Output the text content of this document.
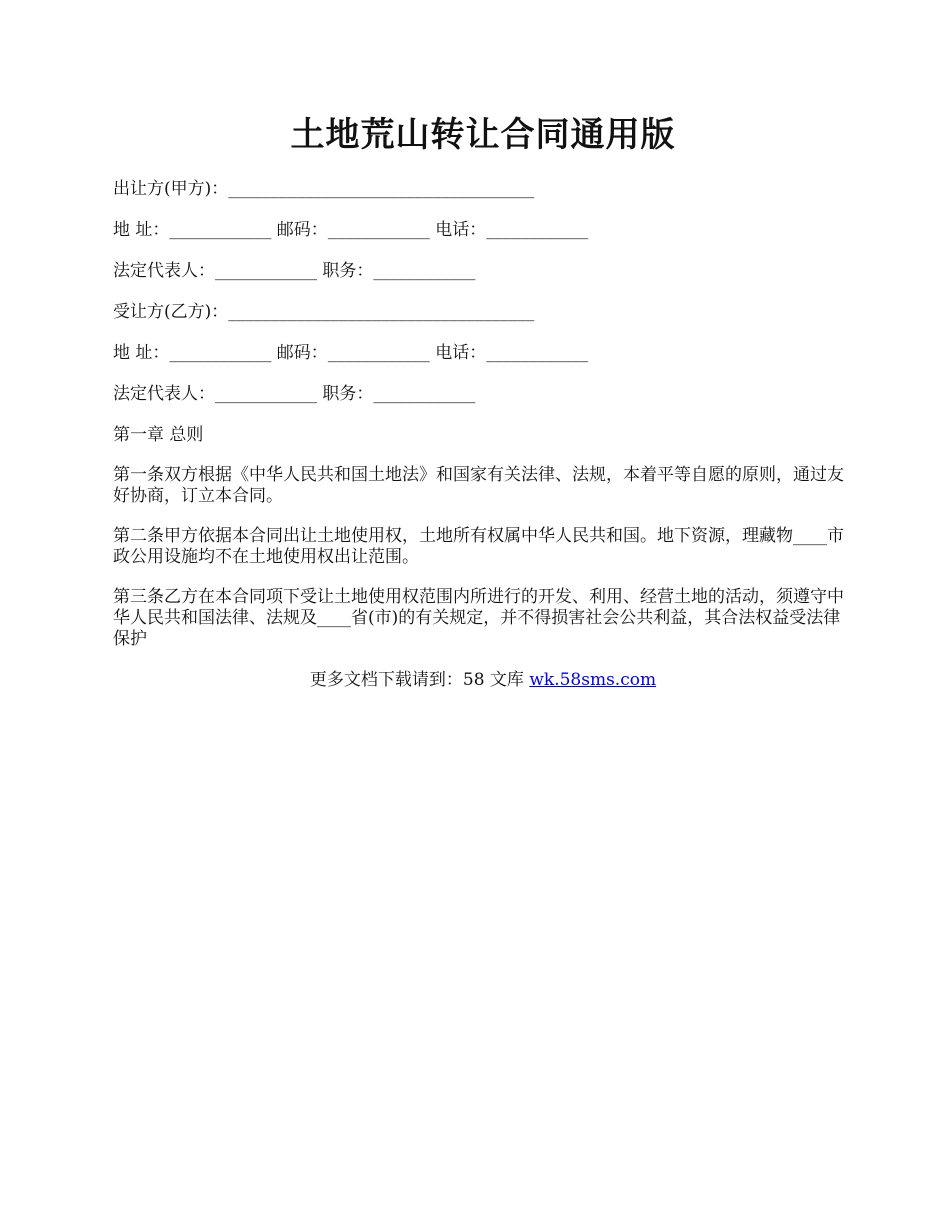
土地荒山转让合同通用版
出让方(甲方)：____________________________________
地 址：____________ 邮码：____________ 电话：____________
法定代表人：____________ 职务：____________
受让方(乙方)：____________________________________
地 址：____________ 邮码：____________ 电话：____________
法定代表人：____________ 职务：____________
第一章 总则

第一条双方根据《中华人民共和国土地法》和国家有关法律、法规，本着平等自愿的原则，通过友好协商，订立本合同。

第二条甲方依据本合同出让土地使用权，土地所有权属中华人民共和国。地下资源，理藏物____市政公用设施均不在土地使用权出让范围。

第三条乙方在本合同项下受让土地使用权范围内所进行的开发、利用、经营土地的活动，须遵守中华人民共和国法律、法规及____省(市)的有关规定，并不得损害社会公共利益，其合法权益受法律保护

更多文档下载请到：58 文库 wk.58sms.com
